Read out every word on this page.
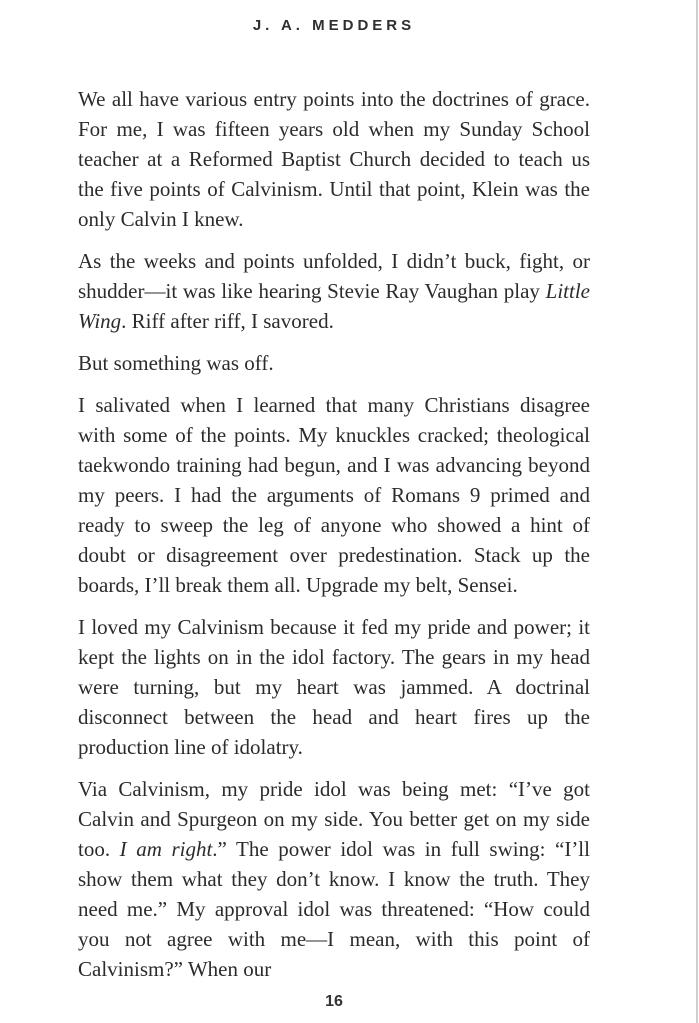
J. A. MEDDERS

We all have various entry points into the doctrines of grace. For me, I was fifteen years old when my Sunday School teacher at a Reformed Baptist Church decided to teach us the five points of Calvinism. Until that point, Klein was the only Calvin I knew.

As the weeks and points unfolded, I didn’t buck, fight, or shudder—it was like hearing Stevie Ray Vaughan play Little Wing. Riff after riff, I savored.

But something was off.

I salivated when I learned that many Christians disagree with some of the points. My knuckles cracked; theological taekwondo training had begun, and I was advancing beyond my peers. I had the arguments of Romans 9 primed and ready to sweep the leg of anyone who showed a hint of doubt or disagreement over predestination. Stack up the boards, I’ll break them all. Upgrade my belt, Sensei.

I loved my Calvinism because it fed my pride and power; it kept the lights on in the idol factory. The gears in my head were turning, but my heart was jammed. A doctrinal disconnect between the head and heart fires up the production line of idolatry.

Via Calvinism, my pride idol was being met: “I’ve got Calvin and Spurgeon on my side. You better get on my side too. I am right.” The power idol was in full swing: “I’ll show them what they don’t know. I know the truth. They need me.” My approval idol was threatened: “How could you not agree with me—I mean, with this point of Calvinism?” When our

16
